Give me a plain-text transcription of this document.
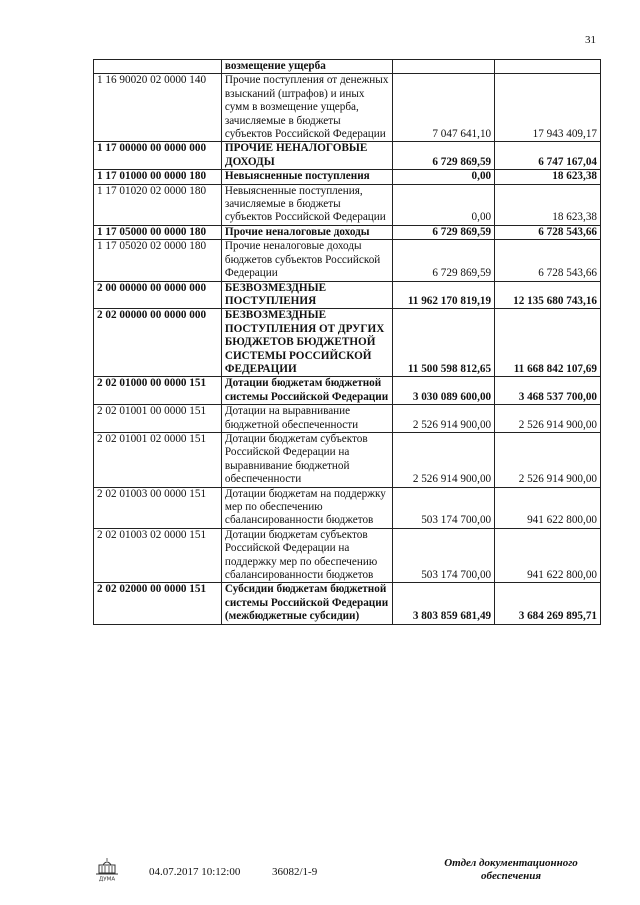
31
	возмещение ущерба		
1 16 90020 02 0000 140	Прочие поступления от денежных взысканий (штрафов) и иных сумм в возмещение ущерба, зачисляемые в бюджеты субъектов Российской Федерации	7 047 641,10	17 943 409,17
1 17 00000 00 0000 000	ПРОЧИЕ НЕНАЛОГОВЫЕ ДОХОДЫ	6 729 869,59	6 747 167,04
1 17 01000 00 0000 180	Невыясненные поступления	0,00	18 623,38
1 17 01020 02 0000 180	Невыясненные поступления, зачисляемые в бюджеты субъектов Российской Федерации	0,00	18 623,38
1 17 05000 00 0000 180	Прочие неналоговые доходы	6 729 869,59	6 728 543,66
1 17 05020 02 0000 180	Прочие неналоговые доходы бюджетов субъектов Российской Федерации	6 729 869,59	6 728 543,66
2 00 00000 00 0000 000	БЕЗВОЗМЕЗДНЫЕ ПОСТУПЛЕНИЯ	11 962 170 819,19	12 135 680 743,16
2 02 00000 00 0000 000	БЕЗВОЗМЕЗДНЫЕ ПОСТУПЛЕНИЯ ОТ ДРУГИХ БЮДЖЕТОВ БЮДЖЕТНОЙ СИСТЕМЫ РОССИЙСКОЙ ФЕДЕРАЦИИ	11 500 598 812,65	11 668 842 107,69
2 02 01000 00 0000 151	Дотации бюджетам бюджетной системы Российской Федерации	3 030 089 600,00	3 468 537 700,00
2 02 01001 00 0000 151	Дотации на выравнивание бюджетной обеспеченности	2 526 914 900,00	2 526 914 900,00
2 02 01001 02 0000 151	Дотации бюджетам субъектов Российской Федерации на выравнивание бюджетной обеспеченности	2 526 914 900,00	2 526 914 900,00
2 02 01003 00 0000 151	Дотации бюджетам на поддержку мер по обеспечению сбалансированности бюджетов	503 174 700,00	941 622 800,00
2 02 01003 02 0000 151	Дотации бюджетам субъектов Российской Федерации на поддержку мер по обеспечению сбалансированности бюджетов	503 174 700,00	941 622 800,00
2 02 02000 00 0000 151	Субсидии бюджетам бюджетной системы Российской Федерации (межбюджетные субсидии)	3 803 859 681,49	3 684 269 895,71
ДУМА
04.07.2017 10:12:00	36082/1-9
Отдел документационного обеспечения
